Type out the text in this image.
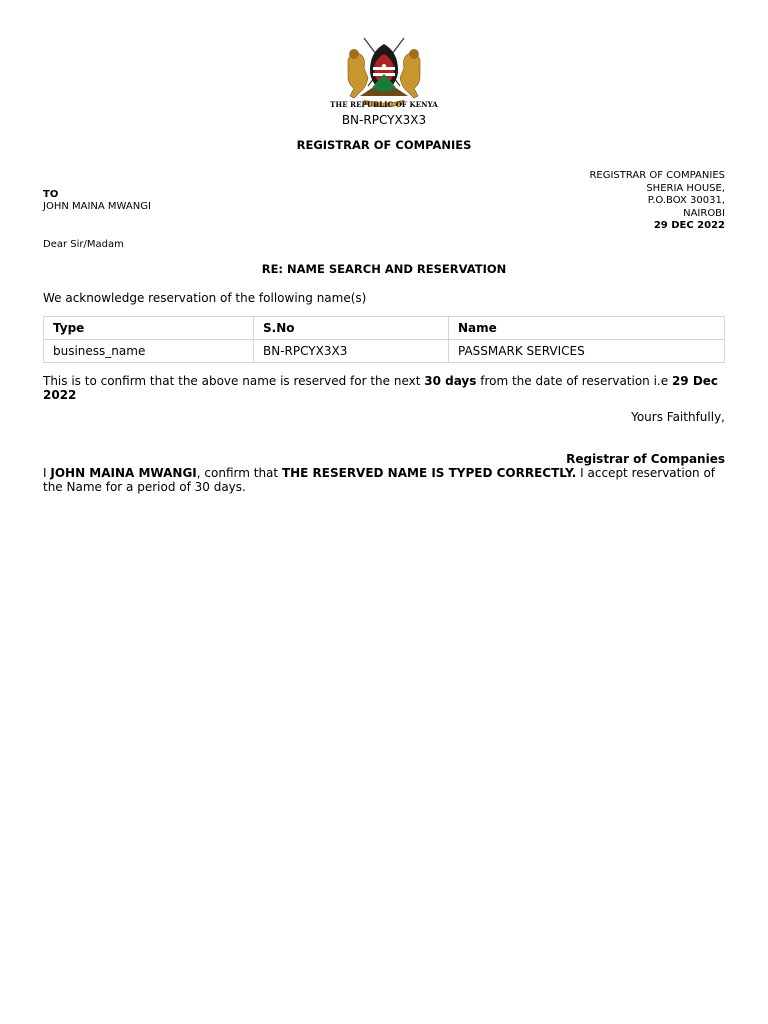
THE REPUBLIC OF KENYA
BN-RPCYX3X3
REGISTRAR OF COMPANIES
REGISTRAR OF COMPANIES
SHERIA HOUSE,
P.O.BOX 30031,
NAIROBI
29 DEC 2022
TO
JOHN MAINA MWANGI
Dear Sir/Madam
RE: NAME SEARCH AND RESERVATION
We acknowledge reservation of the following name(s)
Type	S.No	Name
business_name	BN-RPCYX3X3	PASSMARK SERVICES
This is to confirm that the above name is reserved for the next 30 days from the date of reservation i.e 29 Dec 2022
Yours Faithfully,
Registrar of Companies
I JOHN MAINA MWANGI, confirm that THE RESERVED NAME IS TYPED CORRECTLY. I accept reservation of the Name for a period of 30 days.
